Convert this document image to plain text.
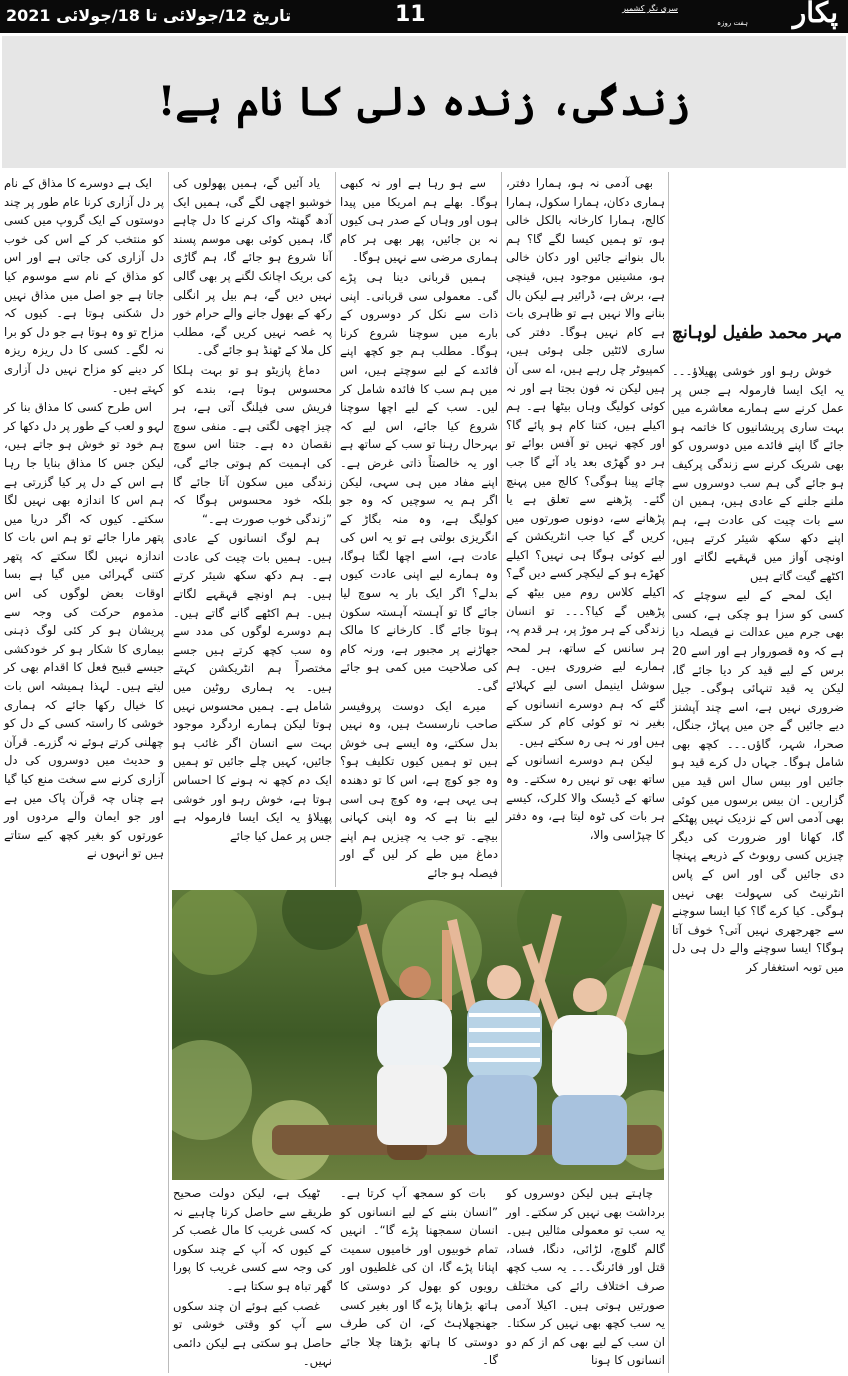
تاریخ 12/جولائی تا 18/جولائی 2021	11	سری نگر کشمیر
ہفت روزہ پکار
زندگی، زندہ دلی کا نام ہے!
مہر محمد طفیل لوہانچ

خوش رہو اور خوشی پھیلاؤ۔۔۔ یہ ایک ایسا فارمولہ ہے جس پر عمل کرنے سے ہمارے معاشرے میں بہت ساری پریشانیوں کا خاتمہ ہو جائے گا اپنے فائدے میں دوسروں کو بھی شریک کرنے سے زندگی پرکیف ہو جائے گی ہم سب دوسروں سے ملنے جلنے کے عادی ہیں، ہمیں ان سے بات چیت کی عادت ہے، ہم اپنے دکھ سکھ شیئر کرتے ہیں، اونچی آواز میں قہقہے لگاتے اور اکٹھے گیت گاتے ہیں

ایک لمحے کے لیے سوچئے کہ کسی کو سزا ہو چکی ہے، کسی بھی جرم میں عدالت نے فیصلہ دیا ہے کہ وہ قصوروار ہے اور اسے 20 برس کے لیے قید کر دیا جائے گا، لیکن یہ قید تنہائی ہوگی۔ جیل ضروری نہیں ہے، اسے چند آپشنز دیے جائیں گے جن میں پہاڑ، جنگل، صحرا، شہر، گاؤں۔۔۔ کچھ بھی شامل ہوگا۔ جہاں دل کرے قید ہو جائیں اور بیس سال اس قید میں گزاریں۔ ان بیس برسوں میں کوئی بھی آدمی اس کے نزدیک نہیں پھٹکے گا، کھانا اور ضرورت کی دیگر چیزیں کسی روبوٹ کے ذریعے پہنچا دی جائیں گی اور اس کے پاس انٹرنیٹ کی سہولت بھی نہیں ہوگی۔ کیا کرے گا؟ کیا ایسا سوچنے سے جھرجھری نہیں آتی؟ خوف آتا ہوگا؟ ایسا سوچنے والے دل ہی دل میں توبہ استغفار کر

بھی آدمی نہ ہو، ہمارا دفتر، ہماری دکان، ہمارا سکول، ہمارا کالج، ہمارا کارخانہ بالکل خالی ہو، تو ہمیں کیسا لگے گا؟ ہم بال بنوانے جائیں اور دکان خالی ہو، مشینیں موجود ہیں، قینچی ہے، برش ہے، ڈرائیر ہے لیکن بال بنانے والا نہیں ہے تو ظاہری بات ہے کام نہیں ہوگا۔ دفتر کی ساری لائٹیں جلی ہوئی ہیں، کمپیوٹر چل رہے ہیں، اے سی آن ہیں لیکن نہ فون بجتا ہے اور نہ کوئی کولیگ وہاں بیٹھا ہے۔ ہم اکیلے ہیں، کتنا کام ہو پائے گا؟ اور کچھ نہیں تو آفس بوائے تو ہر دو گھڑی بعد یاد آئے گا جب چائے پینا ہوگی؟ کالج میں پہنچ گئے۔ پڑھنے سے تعلق ہے یا پڑھانے سے، دونوں صورتوں میں کریں گے کیا جب انٹریکشن کے لیے کوئی ہوگا ہی نہیں؟ اکیلے کھڑے ہو کے لیکچر کسے دیں گے؟ اکیلے کلاس روم میں بیٹھ کے پڑھیں گے کیا؟۔۔۔ تو انسان زندگی کے ہر موڑ پر، ہر قدم پہ، ہر سانس کے ساتھ، ہر لمحہ ہمارے لیے ضروری ہیں۔ ہم سوشل اینیمل اسی لیے کہلائے گئے کہ ہم دوسرے انسانوں کے بغیر نہ تو کوئی کام کر سکتے ہیں اور نہ ہی رہ سکتے ہیں۔

لیکن ہم دوسرے انسانوں کے ساتھ بھی تو نہیں رہ سکتے۔ وہ ساتھ کے ڈیسک والا کلرک، کیسے ہر بات کی ٹوہ لیتا ہے، وہ دفتر کا چپڑاسی والا،

چاہتے ہیں لیکن دوسروں کو برداشت بھی نہیں کر سکتے۔ اور یہ سب تو معمولی مثالیں ہیں۔ گالم گلوچ، لڑائی، دنگا، فساد، قتل اور فائرنگ۔۔۔ یہ سب کچھ صرف اختلاف رائے کی مختلف صورتیں ہوتی ہیں۔ اکیلا آدمی یہ سب کچھ بھی نہیں کر سکتا۔ ان سب کے لیے بھی کم از کم دو انسانوں کا ہونا

سے ہو رہا ہے اور نہ کبھی ہوگا۔ بھلے ہم امریکا میں پیدا ہوں اور وہاں کے صدر ہی کیوں نہ بن جائیں، پھر بھی ہر کام ہماری مرضی سے نہیں ہوگا۔

ہمیں قربانی دینا ہی پڑے گی۔ معمولی سی قربانی۔ اپنی ذات سے نکل کر دوسروں کے بارے میں سوچنا شروع کرنا ہوگا۔ مطلب ہم جو کچھ اپنے فائدے کے لیے سوچتے ہیں، اس میں ہم سب کا فائدہ شامل کر لیں۔ سب کے لیے اچھا سوچنا شروع کیا جائے، اس لیے کہ بہرحال رہنا تو سب کے ساتھ ہے اور یہ خالصتاً ذاتی غرض ہے۔ اپنے مفاد میں ہی سہی، لیکن اگر ہم یہ سوچیں کہ وہ جو کولیگ ہے، وہ منہ بگاڑ کے انگریزی بولتی ہے تو یہ اس کی عادت ہے، اسے اچھا لگتا ہوگا، وہ ہمارے لیے اپنی عادت کیوں بدلے؟ اگر ایک بار یہ سوچ لیا جائے گا تو آہستہ آہستہ سکون ہوتا جائے گا۔ کارخانے کا مالک جھاڑنے پر مجبور ہے، ورنہ کام کی صلاحیت میں کمی ہو جائے گی۔

میرے ایک دوست پروفیسر صاحب نارسسٹ ہیں، وہ نہیں بدل سکتے، وہ ایسے ہی خوش ہیں تو ہمیں کیوں تکلیف ہو؟ وہ جو کوچ ہے، اس کا تو دھندہ ہی یہی ہے، وہ کوچ ہی اسی لیے بنا ہے کہ وہ اپنی کہانی بیچے۔ تو جب یہ چیزیں ہم اپنے دماغ میں طے کر لیں گے اور فیصلہ ہو جائے

بات کو سمجھ آپ کرتا ہے۔ ”انسان بننے کے لیے انسانوں کو انسان سمجھنا پڑے گا“۔ انہیں تمام خوبیوں اور خامیوں سمیت اپنانا پڑے گا، ان کی غلطیوں اور رویوں کو بھول کر دوستی کا ہاتھ بڑھانا پڑے گا اور بغیر کسی جھنجھلاہٹ کے، ان کی طرف دوستی کا ہاتھ بڑھتا چلا جائے گا۔

یاد آئیں گے، ہمیں پھولوں کی خوشبو اچھی لگے گی، ہمیں ایک آدھ گھنٹہ واک کرنے کا دل چاہے گا، ہمیں کوئی بھی موسم پسند آنا شروع ہو جائے گا، ہم گاڑی کی بریک اچانک لگنے پر بھی گالی نہیں دیں گے، ہم بیل پر انگلی رکھ کے بھول جانے والے حرام خور پہ غصہ نہیں کریں گے، مطلب کل ملا کے ٹھنڈ ہو جائے گی۔

دماغ پازیٹو ہو تو بہت ہلکا محسوس ہوتا ہے، بندے کو فریش سی فیلنگ آتی ہے، ہر چیز اچھی لگتی ہے۔ منفی سوچ نقصان دہ ہے۔ جتنا اس سوچ کی اہمیت کم ہوتی جائے گی، زندگی میں سکون آتا جائے گا بلکہ خود محسوس ہوگا کہ ”زندگی خوب صورت ہے۔“

ہم لوگ انسانوں کے عادی ہیں۔ ہمیں بات چیت کی عادت ہے۔ ہم دکھ سکھ شیئر کرتے ہیں۔ ہم اونچے قہقہے لگاتے ہیں۔ ہم اکٹھے گانے گاتے ہیں۔ ہم دوسرے لوگوں کی مدد سے وہ سب کچھ کرتے ہیں جسے مختصراً ہم انٹریکشن کہتے ہیں۔ یہ ہماری روٹین میں شامل ہے۔ ہمیں محسوس نہیں ہوتا لیکن ہمارے اردگرد موجود بہت سے انسان اگر غائب ہو جائیں، کہیں چلے جائیں تو ہمیں ایک دم کچھ نہ ہونے کا احساس ہوتا ہے، خوش رہو اور خوشی پھیلاؤ یہ ایک ایسا فارمولہ ہے جس پر عمل کیا جائے

ٹھیک ہے، لیکن دولت صحیح طریقے سے حاصل کرنا چاہیے نہ کہ کسی غریب کا مال غصب کر کے کیوں کہ آپ کے چند سکوں کی وجہ سے کسی غریب کا پورا گھر تباہ ہو سکتا ہے۔

غصب کیے ہوئے ان چند سکوں سے آپ کو وقتی خوشی تو حاصل ہو سکتی ہے لیکن دائمی نہیں۔

ایک ہے دوسرے کا مذاق کے نام پر دل آزاری کرنا عام طور پر چند دوستوں کے ایک گروپ میں کسی کو منتخب کر کے اس کی خوب دل آزاری کی جاتی ہے اور اس کو مذاق کے نام سے موسوم کیا جاتا ہے جو اصل میں مذاق نہیں دل شکنی ہوتا ہے۔ کیوں کہ مزاح تو وہ ہوتا ہے جو دل کو برا نہ لگے۔ کسی کا دل ریزہ ریزہ کر دینے کو مزاح نہیں دل آزاری کہتے ہیں۔

اس طرح کسی کا مذاق بنا کر لہو و لعب کے طور پر دل دکھا کر ہم خود تو خوش ہو جاتے ہیں، لیکن جس کا مذاق بنایا جا رہا ہے اس کے دل پر کیا گزرتی ہے ہم اس کا اندازہ بھی نہیں لگا سکتے۔ کیوں کہ اگر دریا میں پتھر مارا جائے تو ہم اس بات کا اندازہ نہیں لگا سکتے کہ پتھر کتنی گہرائی میں گیا ہے بسا اوقات بعض لوگوں کی اس مذموم حرکت کی وجہ سے پریشان ہو کر کئی لوگ ذہنی بیماری کا شکار ہو کر خودکشی جیسے قبیح فعل کا اقدام بھی کر لیتے ہیں۔ لہذا ہمیشہ اس بات کا خیال رکھا جائے کہ ہماری خوشی کا راستہ کسی کے دل کو چھلنی کرتے ہوئے نہ گزرے۔ قرآن و حدیث میں دوسروں کی دل آزاری کرنے سے سخت منع کیا گیا ہے چناں چہ قرآن پاک میں ہے اور جو ایمان والے مردوں اور عورتوں کو بغیر کچھ کیے ستاتے ہیں تو انہوں نے
